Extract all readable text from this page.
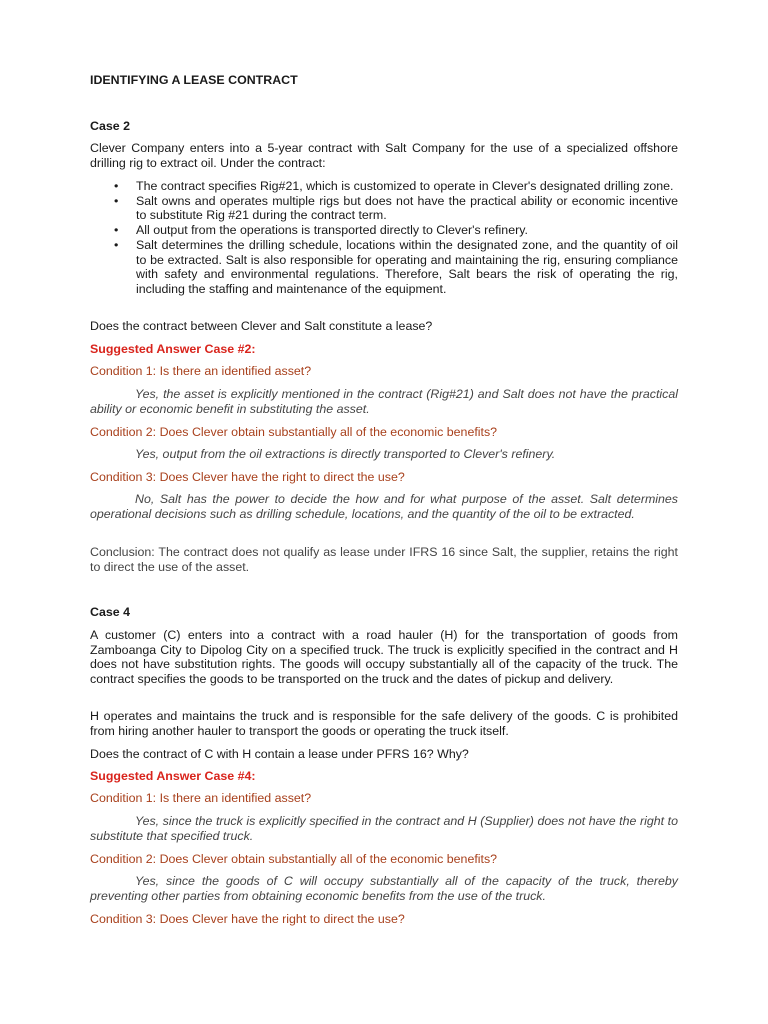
IDENTIFYING A LEASE CONTRACT

Case 2

Clever Company enters into a 5-year contract with Salt Company for the use of a specialized offshore drilling rig to extract oil. Under the contract:

• The contract specifies Rig#21, which is customized to operate in Clever's designated drilling zone.
• Salt owns and operates multiple rigs but does not have the practical ability or economic incentive to substitute Rig #21 during the contract term.
• All output from the operations is transported directly to Clever's refinery.
• Salt determines the drilling schedule, locations within the designated zone, and the quantity of oil to be extracted. Salt is also responsible for operating and maintaining the rig, ensuring compliance with safety and environmental regulations. Therefore, Salt bears the risk of operating the rig, including the staffing and maintenance of the equipment.

Does the contract between Clever and Salt constitute a lease?

Suggested Answer Case #2:

Condition 1: Is there an identified asset?

Yes, the asset is explicitly mentioned in the contract (Rig#21) and Salt does not have the practical ability or economic benefit in substituting the asset.

Condition 2: Does Clever obtain substantially all of the economic benefits?

Yes, output from the oil extractions is directly transported to Clever's refinery.

Condition 3: Does Clever have the right to direct the use?

No, Salt has the power to decide the how and for what purpose of the asset. Salt determines operational decisions such as drilling schedule, locations, and the quantity of the oil to be extracted.

Conclusion: The contract does not qualify as lease under IFRS 16 since Salt, the supplier, retains the right to direct the use of the asset.

Case 4

A customer (C) enters into a contract with a road hauler (H) for the transportation of goods from Zamboanga City to Dipolog City on a specified truck. The truck is explicitly specified in the contract and H does not have substitution rights. The goods will occupy substantially all of the capacity of the truck. The contract specifies the goods to be transported on the truck and the dates of pickup and delivery.

H operates and maintains the truck and is responsible for the safe delivery of the goods. C is prohibited from hiring another hauler to transport the goods or operating the truck itself.

Does the contract of C with H contain a lease under PFRS 16? Why?

Suggested Answer Case #4:

Condition 1: Is there an identified asset?

Yes, since the truck is explicitly specified in the contract and H (Supplier) does not have the right to substitute that specified truck.

Condition 2: Does Clever obtain substantially all of the economic benefits?

Yes, since the goods of C will occupy substantially all of the capacity of the truck, thereby preventing other parties from obtaining economic benefits from the use of the truck.

Condition 3: Does Clever have the right to direct the use?
